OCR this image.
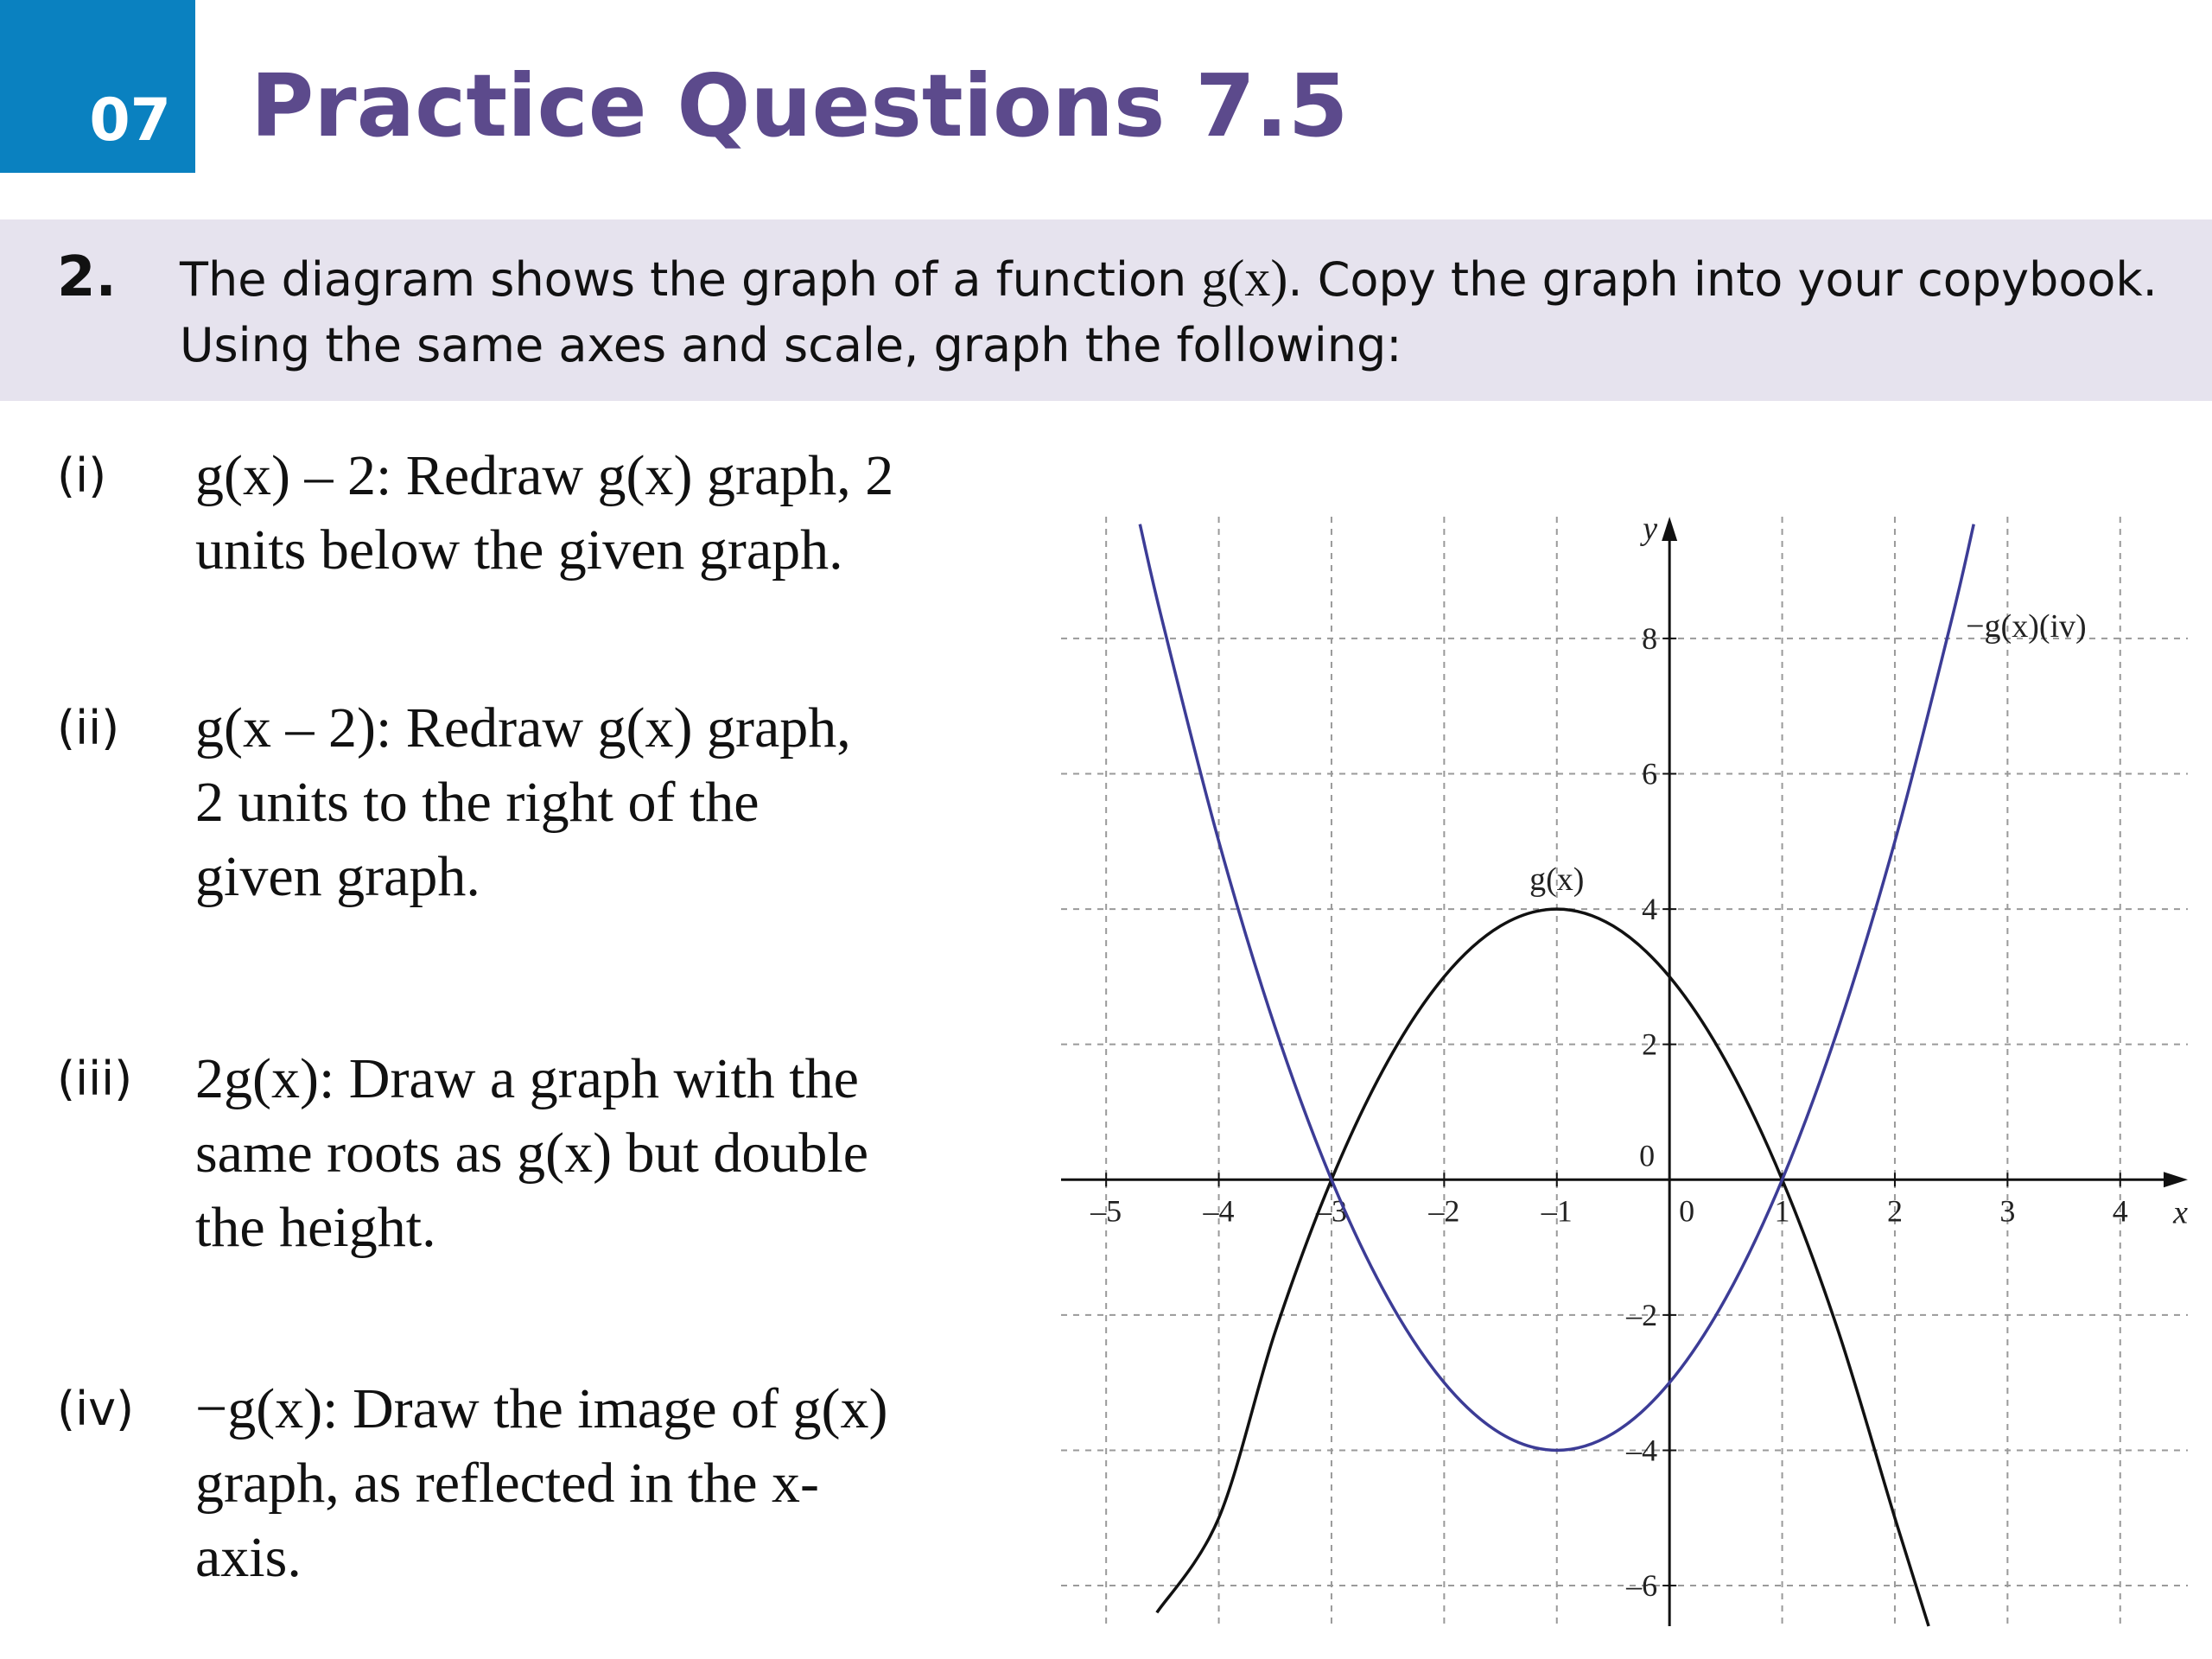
07 Practice Questions 7.5
2. The diagram shows the graph of a function g(x). Copy the graph into your copybook.
Using the same axes and scale, graph the following:
(i) g(x) – 2: Redraw g(x) graph, 2
units below the given graph.
(ii) g(x – 2): Redraw g(x) graph,
2 units to the right of the
given graph.
(iii) 2g(x): Draw a graph with the
same roots as g(x) but double
the height.
(iv) −g(x): Draw the image of g(x)
graph, as reflected in the x-
axis.
x
y
–5	–4	–3	–2	–1	0	1	2	3	4
–6
–4
–2
0
2
4
6
8
g(x)
−g(x)(iv)
